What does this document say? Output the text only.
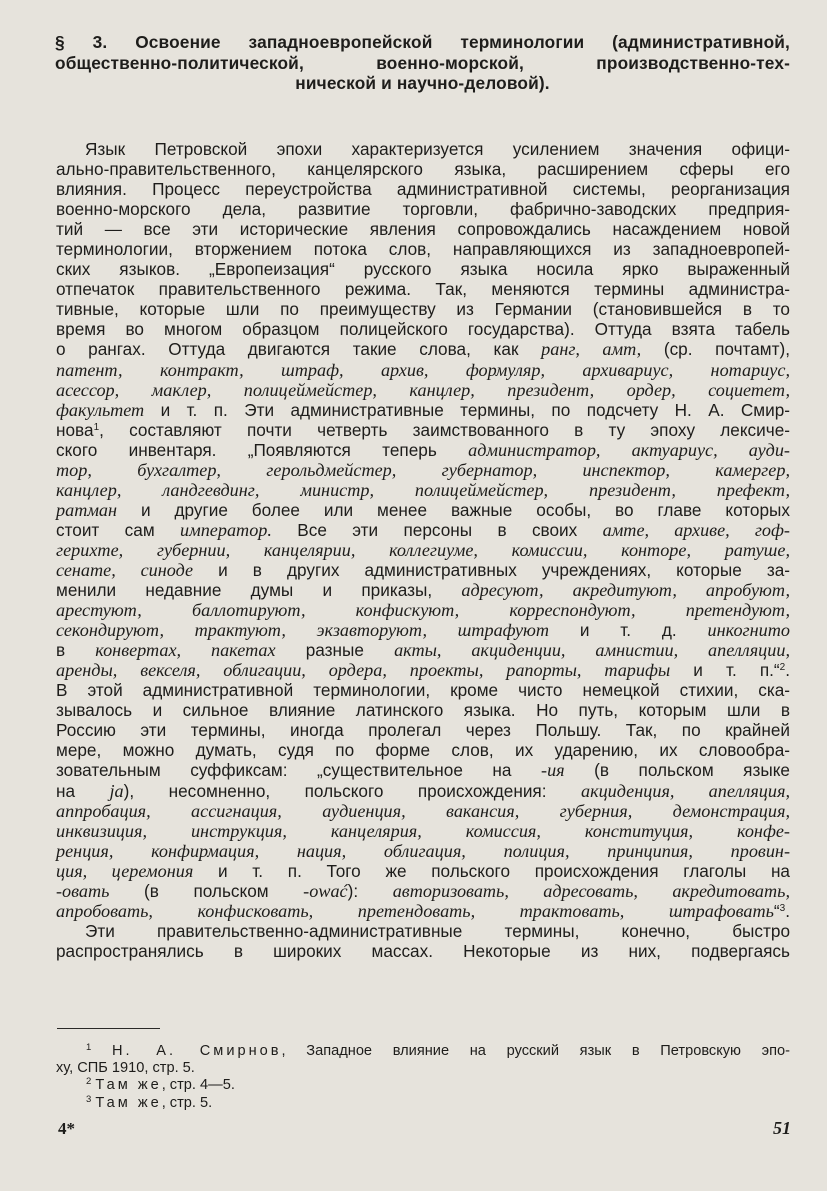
§ 3. Освоение западноевропейской терминологии (административной,
общественно-политической, военно-морской, производственно-тех-
нической и научно-деловой).
Язык Петровской эпохи характеризуется усилением значения офици-
ально-правительственного, канцелярского языка, расширением сферы его
влияния. Процесс переустройства административной системы, реорганизация
военно-морского дела, развитие торговли, фабрично-заводских предприя-
тий — все эти исторические явления сопровождались насаждением новой
терминологии, вторжением потока слов, направляющихся из западноевропей-
ских языков. „Европеизация“ русского языка носила ярко выраженный
отпечаток правительственного режима. Так, меняются термины администра-
тивные, которые шли по преимуществу из Германии (становившейся в то
время во многом образцом полицейского государства). Оттуда взята табель
о рангах. Оттуда двигаются такие слова, как ранг, амт, (ср. почтамт),
патент, контракт, штраф, архив, формуляр, архивариус, нотариус,
асессор, маклер, полицеймейстер, канцлер, президент, ордер, социетет,
факультет и т. п. Эти административные термины, по подсчету Н. А. Смир-
нова$^1$, составляют почти четверть заимствованного в ту эпоху лексиче-
ского инвентаря. „Появляются теперь администратор, актуариус, ауди-
тор, бухгалтер, герольдмейстер, губернатор, инспектор, камергер,
канцлер, ландгевдинг, министр, полицеймейстер, президент, префект,
ратман и другие более или менее важные особы, во главе которых
стоит сам император. Все эти персоны в своих амте, архиве, гоф-
герихте, губернии, канцелярии, коллегиуме, комиссии, конторе, ратуше,
сенате, синоде и в других административных учреждениях, которые за-
менили недавние думы и приказы, адресуют, акредитуют, апробуют,
арестуют, баллотируют, конфискуют, корреспондуют, претендуют,
секондируют, трактуют, экзавторуют, штрафуют и т. д. инкогнито
в конвертах, пакетах разные акты, акциденции, амнистии, апелляции,
аренды, векселя, облигации, ордера, проекты, рапорты, тарифы и т. п.“$^2$.
В этой административной терминологии, кроме чисто немецкой стихии, ска-
зывалось и сильное влияние латинского языка. Но путь, которым шли в
Россию эти термины, иногда пролегал через Польшу. Так, по крайней
мере, можно думать, судя по форме слов, их ударению, их словообра-
зовательным суффиксам: „существительное на -ия (в польском языке
на ja), несомненно, польского происхождения: акциденция, апелляция,
аппробация, ассигнация, аудиенция, вакансия, губерния, демонстрация,
инквизиция, инструкция, канцелярия, комиссия, конституция, конфе-
ренция, конфирмация, нация, облигация, полиция, принципия, провин-
ция, церемония и т. п. Того же польского происхождения глаголы на
-овать (в польском -ować): авторизовать, адресовать, акредитовать,
апробовать, конфисковать, претендовать, трактовать, штрафовать“$^3$.
Эти правительственно-административные термины, конечно, быстро
распространялись в широких массах. Некоторые из них, подвергаясь
$^1$ Н. А. Смирнов, Западное влияние на русский язык в Петровскую эпо-
ху, СПБ 1910, стр. 5.
$^2$ Там же, стр. 4—5.
$^3$ Там же, стр. 5.
4*	51
